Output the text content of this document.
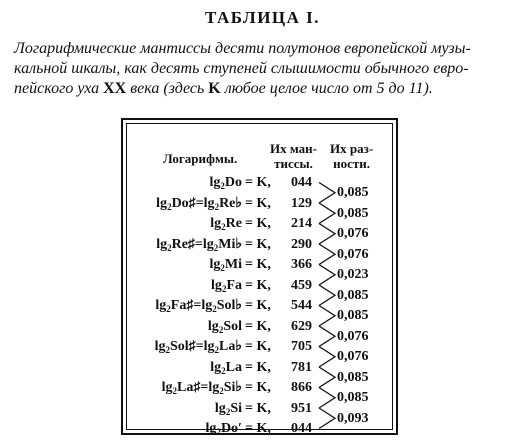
ТАБЛИЦА I.
Логарифмические мантиссы десяти полутонов европейской музы-
кальной шкалы, как десять ступеней слышимости обычного евро-
пейского уха XX века (здесь K любое целое число от 5 до 11).
Логарифмы.
Их ман-
тиссы.
Их раз-
ности.
$\lg_2Do = K$, 044
$\lg_2Do♯=\lg_2Re♭ = K$, 129
$\lg_2Re = K$, 214
$\lg_2Re♯=\lg_2Mi♭ = K$, 290
$\lg_2Mi = K$, 366
$\lg_2Fa = K$, 459
$\lg_2Fa♯=\lg_2Sol♭ = K$, 544
$\lg_2Sol = K$, 629
$\lg_2Sol♯=\lg_2La♭ = K$, 705
$\lg_2La = K$, 781
$\lg_2La♯=\lg_2Si♭ = K$, 866
$\lg_2Si = K$, 951
$\lg_2Do' = K$, 044
0,085
0,085
0,076
0,076
0,023
0,085
0,085
0,076
0,076
0,085
0,085
0,093
